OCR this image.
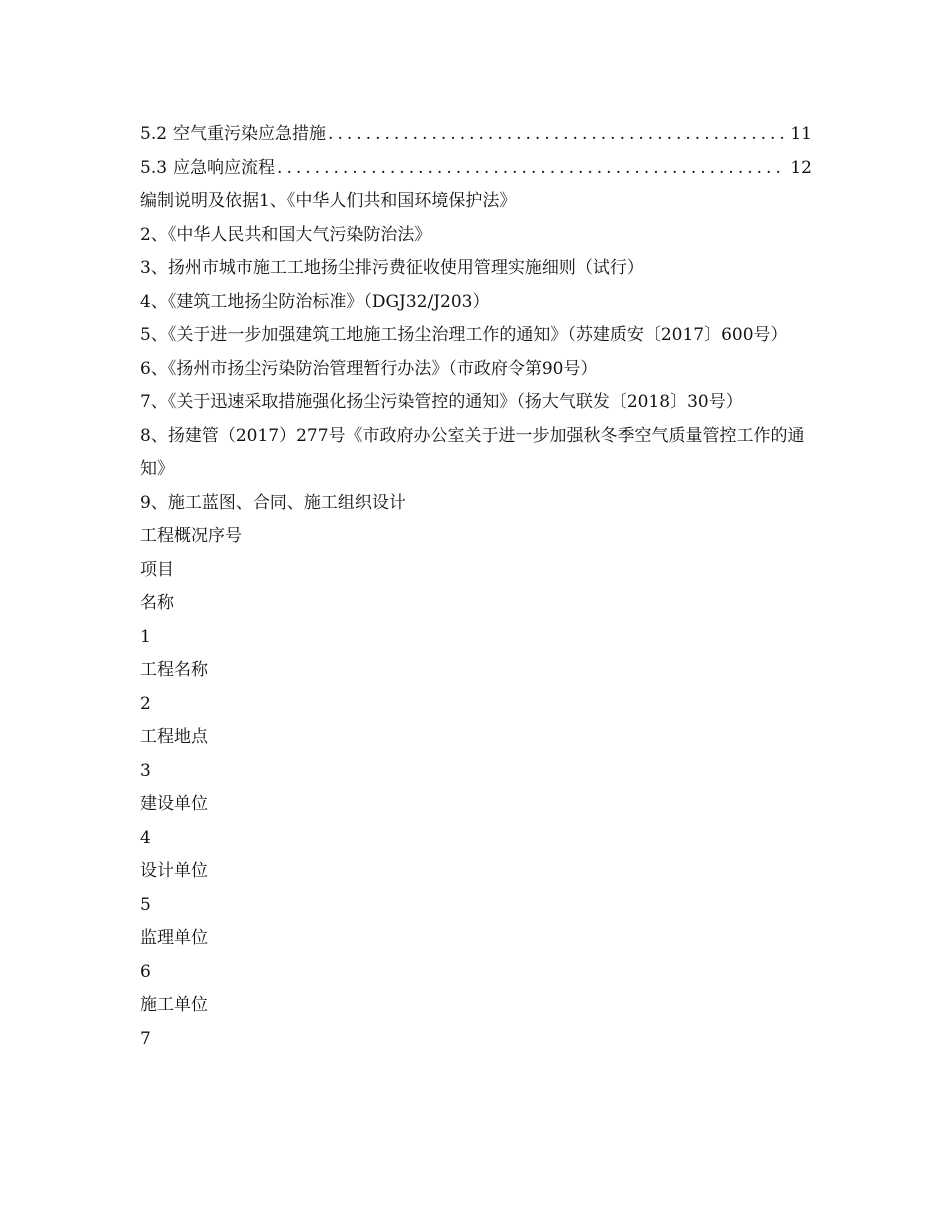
5.2 空气重污染应急措施 .....	11
5.3 应急响应流程 .....	12
编制说明及依据1、《中华人们共和国环境保护法》
2、《中华人民共和国大气污染防治法》
3、扬州市城市施工工地扬尘排污费征收使用管理实施细则（试行）
4、《建筑工地扬尘防治标准》（DGJ32/J203）
5、《关于进一步加强建筑工地施工扬尘治理工作的通知》（苏建质安〔2017〕600号）
6、《扬州市扬尘污染防治管理暂行办法》（市政府令第90号）
7、《关于迅速采取措施强化扬尘污染管控的通知》（扬大气联发〔2018〕30号）
8、扬建管（2017）277号《市政府办公室关于进一步加强秋冬季空气质量管控工作的通知》
9、施工蓝图、合同、施工组织设计
工程概况序号
项目
名称
1
工程名称
2
工程地点
3
建设单位
4
设计单位
5
监理单位
6
施工单位
7
